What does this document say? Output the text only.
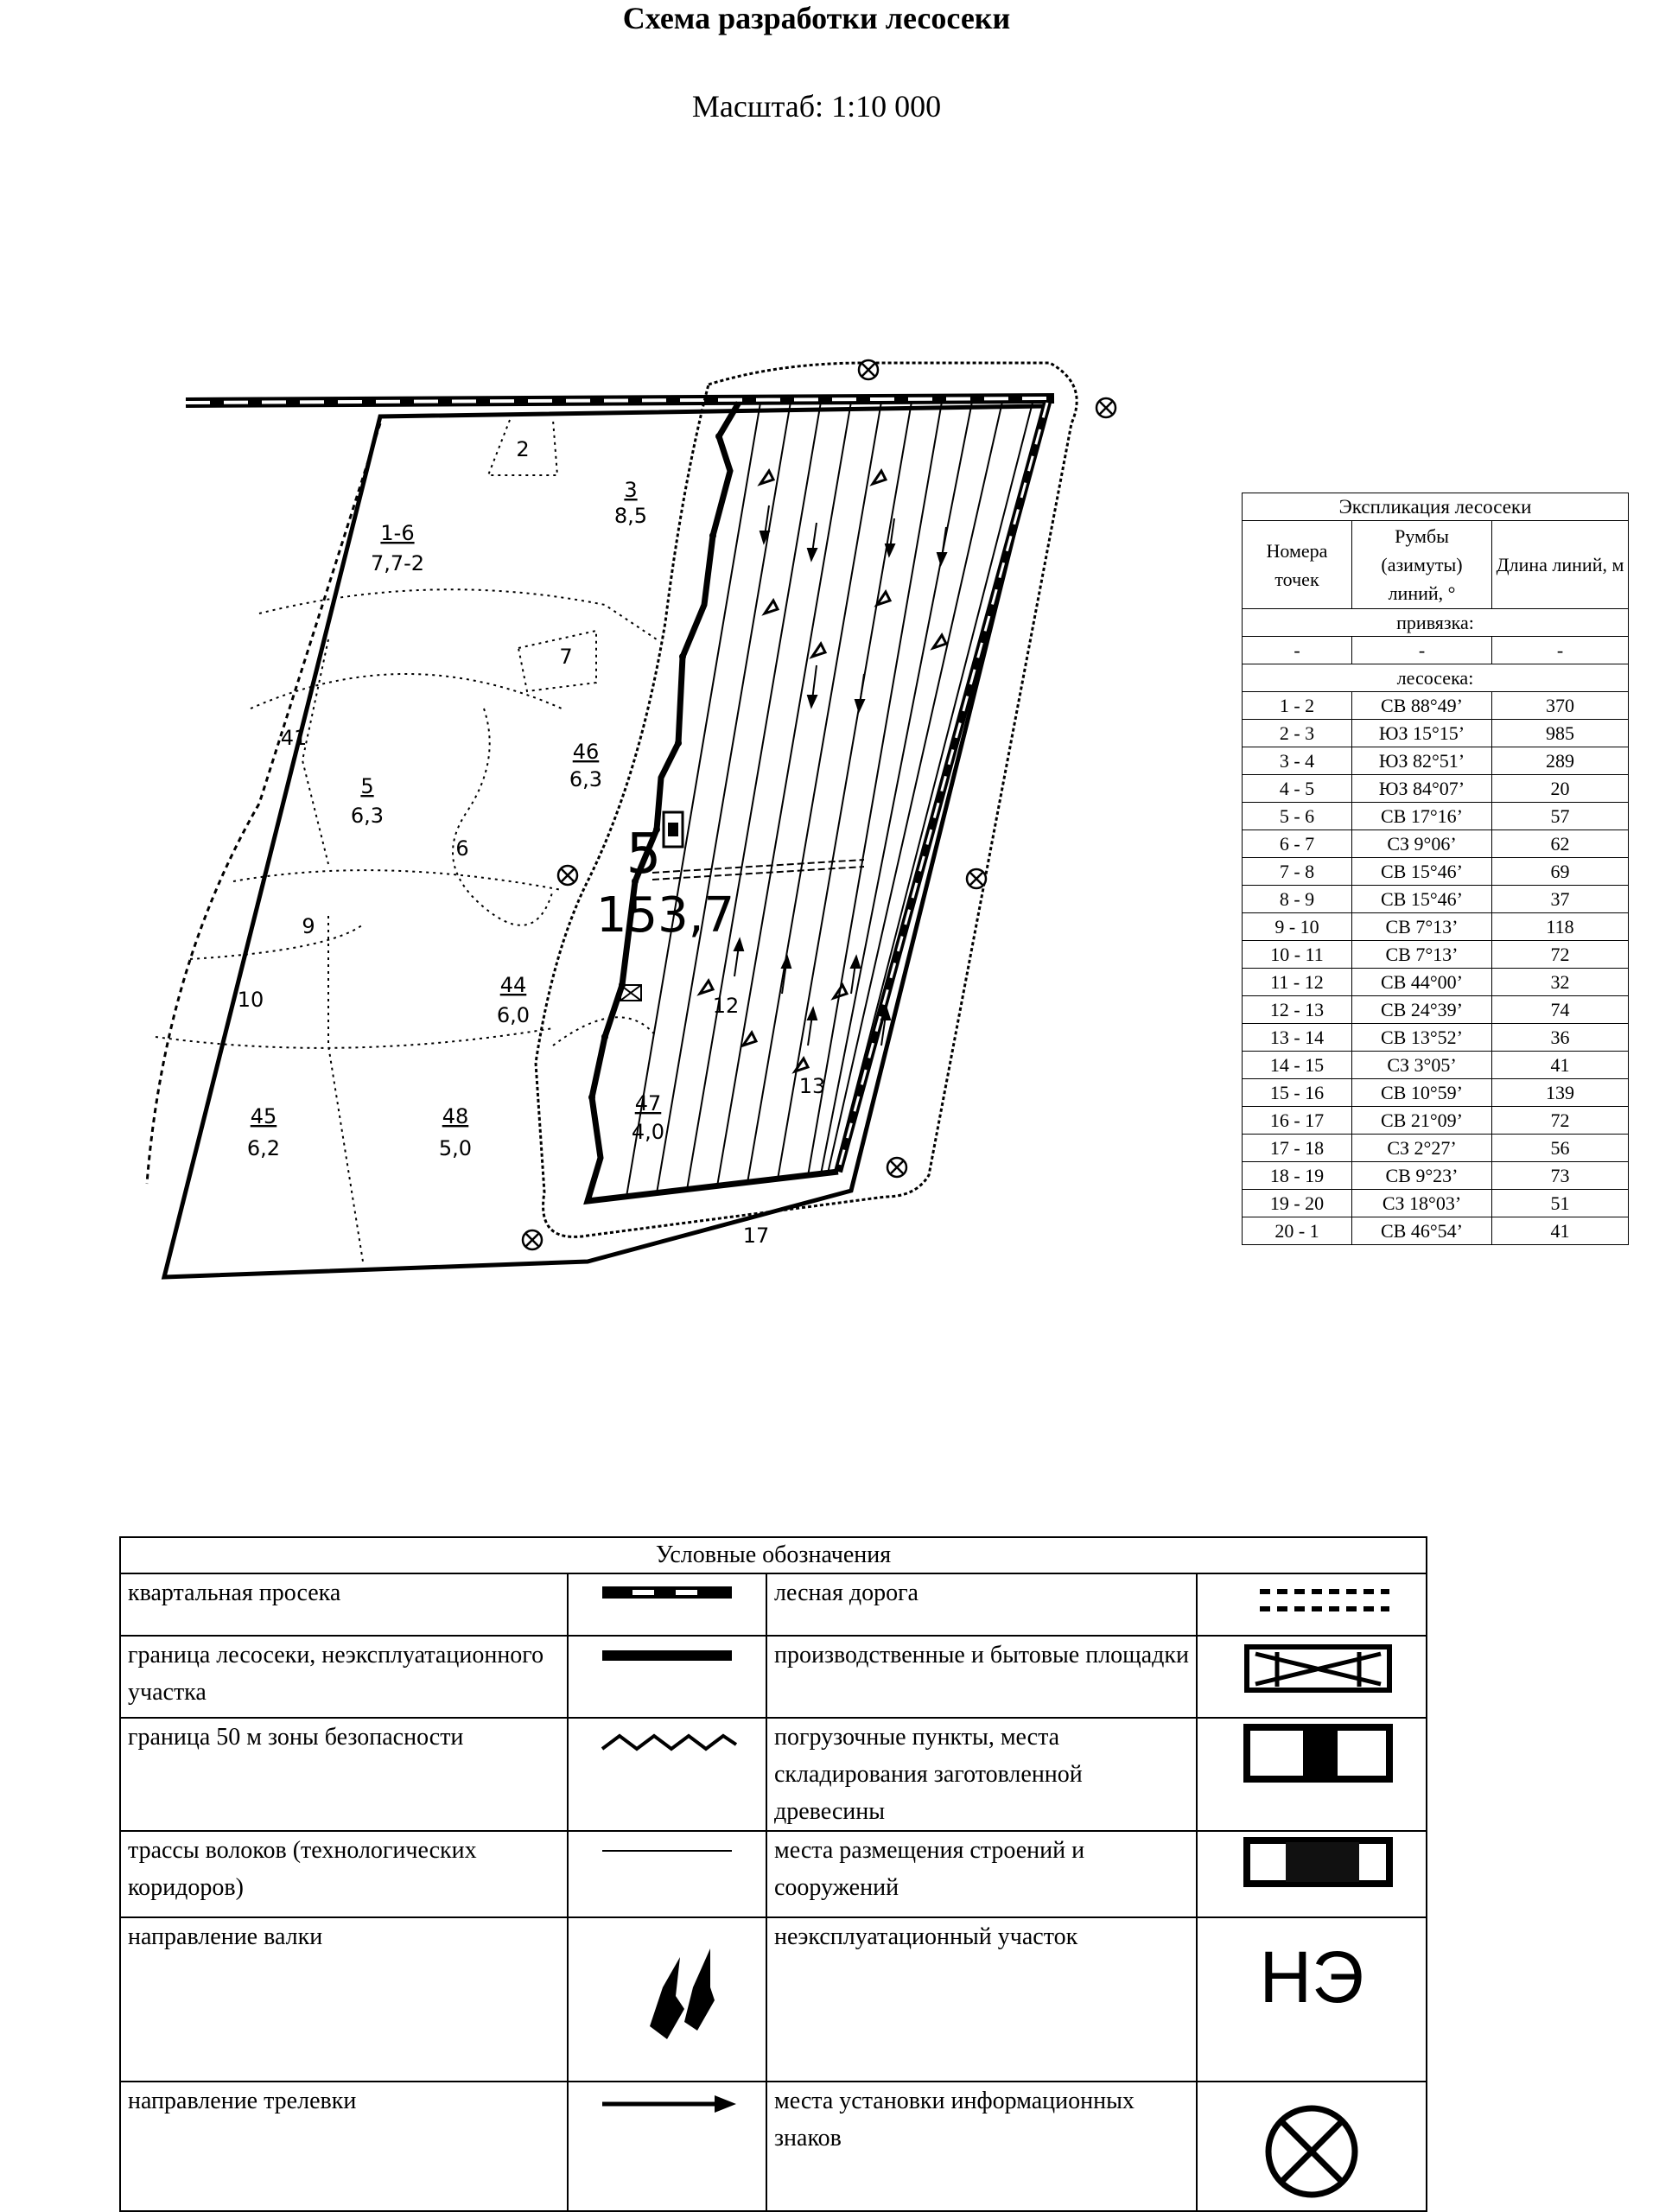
Схема разработки лесосеки
Масштаб: 1:10 000
2
3
8,5
1-6
7,7-2
7
46
6,3
41
5
6,3
6
9
10
44
6,0
45
6,2
48
5,0
47
4,0
17
12
13
5
153,7
Экспликация лесосеки		
Номера точек	Румбы (азимуты) линий, °	Длина линий, м
привязка:		
-	-	-
лесосека:		
1 - 2	СВ 88°49’	370
2 - 3	ЮЗ 15°15’	985
3 - 4	ЮЗ 82°51’	289
4 - 5	ЮЗ 84°07’	20
5 - 6	СВ 17°16’	57
6 - 7	СЗ 9°06’	62
7 - 8	СВ 15°46’	69
8 - 9	СВ 15°46’	37
9 - 10	СВ 7°13’	118
10 - 11	СВ 7°13’	72
11 - 12	СВ 44°00’	32
12 - 13	СВ 24°39’	74
13 - 14	СВ 13°52’	36
14 - 15	СЗ 3°05’	41
15 - 16	СВ 10°59’	139
16 - 17	СВ 21°09’	72
17 - 18	СЗ 2°27’	56
18 - 19	СВ 9°23’	73
19 - 20	СЗ 18°03’	51
20 - 1	СВ 46°54’	41
Условные обозначения			
квартальная просека		лесная дорога	
граница лесосеки, неэксплуатационного участка		производственные и бытовые площадки	
граница 50 м зоны безопасности		погрузочные пункты, места складирования заготовленной древесины	
трассы волоков (технологических коридоров)		места размещения строений и сооружений	
направление валки		неэксплуатационный участок	НЭ

направление трелевки		места установки информационных знаков	
